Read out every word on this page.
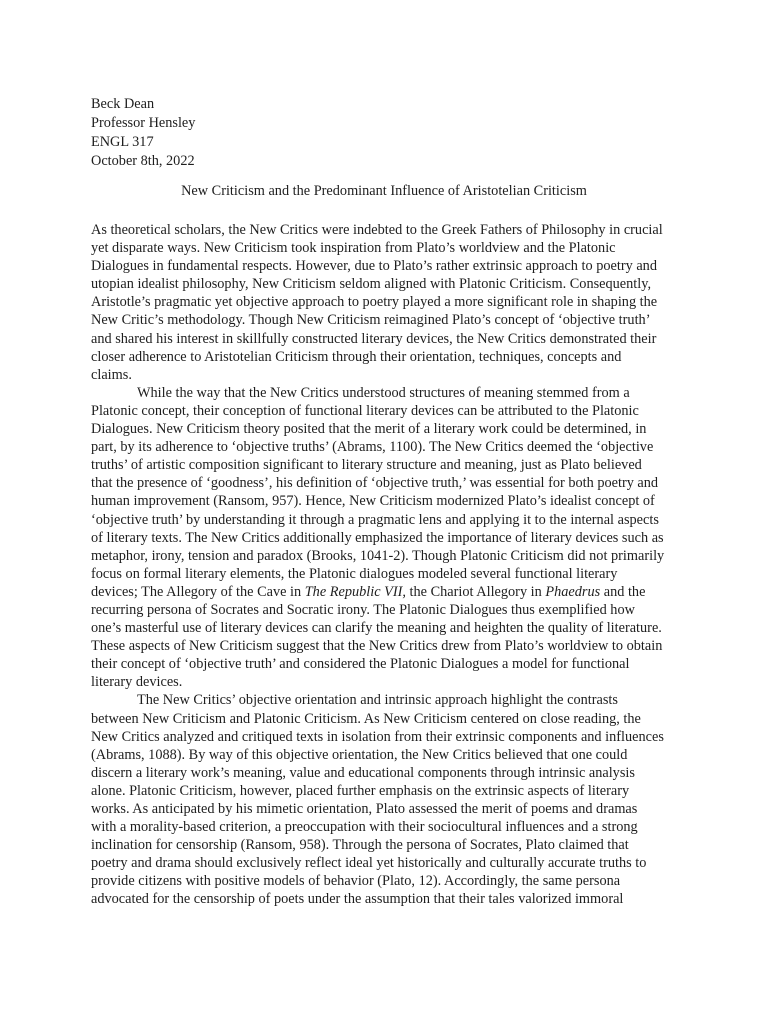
Beck Dean
Professor Hensley
ENGL 317
October 8th, 2022
New Criticism and the Predominant Influence of Aristotelian Criticism
As theoretical scholars, the New Critics were indebted to the Greek Fathers of Philosophy in crucial
yet disparate ways. New Criticism took inspiration from Plato’s worldview and the Platonic
Dialogues in fundamental respects. However, due to Plato’s rather extrinsic approach to poetry and
utopian idealist philosophy, New Criticism seldom aligned with Platonic Criticism. Consequently,
Aristotle’s pragmatic yet objective approach to poetry played a more significant role in shaping the
New Critic’s methodology. Though New Criticism reimagined Plato’s concept of ‘objective truth’
and shared his interest in skillfully constructed literary devices, the New Critics demonstrated their
closer adherence to Aristotelian Criticism through their orientation, techniques, concepts and
claims.
While the way that the New Critics understood structures of meaning stemmed from a
Platonic concept, their conception of functional literary devices can be attributed to the Platonic
Dialogues. New Criticism theory posited that the merit of a literary work could be determined, in
part, by its adherence to ‘objective truths’ (Abrams, 1100). The New Critics deemed the ‘objective
truths’ of artistic composition significant to literary structure and meaning, just as Plato believed
that the presence of ‘goodness’, his definition of ‘objective truth,’ was essential for both poetry and
human improvement (Ransom, 957). Hence, New Criticism modernized Plato’s idealist concept of
‘objective truth’ by understanding it through a pragmatic lens and applying it to the internal aspects
of literary texts. The New Critics additionally emphasized the importance of literary devices such as
metaphor, irony, tension and paradox (Brooks, 1041-2). Though Platonic Criticism did not primarily
focus on formal literary elements, the Platonic dialogues modeled several functional literary
devices; The Allegory of the Cave in The Republic VII, the Chariot Allegory in Phaedrus and the
recurring persona of Socrates and Socratic irony. The Platonic Dialogues thus exemplified how
one’s masterful use of literary devices can clarify the meaning and heighten the quality of literature.
These aspects of New Criticism suggest that the New Critics drew from Plato’s worldview to obtain
their concept of ‘objective truth’ and considered the Platonic Dialogues a model for functional
literary devices.
The New Critics’ objective orientation and intrinsic approach highlight the contrasts
between New Criticism and Platonic Criticism. As New Criticism centered on close reading, the
New Critics analyzed and critiqued texts in isolation from their extrinsic components and influences
(Abrams, 1088). By way of this objective orientation, the New Critics believed that one could
discern a literary work’s meaning, value and educational components through intrinsic analysis
alone. Platonic Criticism, however, placed further emphasis on the extrinsic aspects of literary
works. As anticipated by his mimetic orientation, Plato assessed the merit of poems and dramas
with a morality-based criterion, a preoccupation with their sociocultural influences and a strong
inclination for censorship (Ransom, 958). Through the persona of Socrates, Plato claimed that
poetry and drama should exclusively reflect ideal yet historically and culturally accurate truths to
provide citizens with positive models of behavior (Plato, 12). Accordingly, the same persona
advocated for the censorship of poets under the assumption that their tales valorized immoral
